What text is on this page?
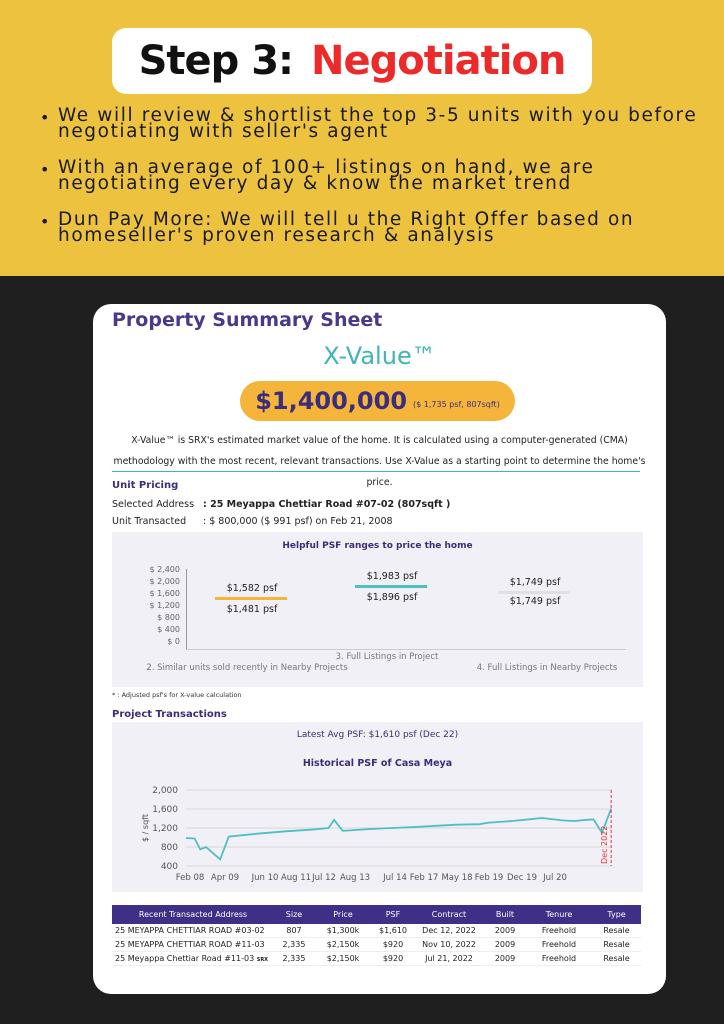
Step 3: Negotiation
• We will review & shortlist the top 3-5 units with you before negotiating with seller's agent
• With an average of 100+ listings on hand, we are negotiating every day & know the market trend
• Dun Pay More: We will tell u the Right Offer based on homeseller's proven research & analysis
Property Summary Sheet
X-Value™
$1,400,000 ($ 1,735 psf, 807sqft)
X-Value™ is SRX's estimated market value of the home. It is calculated using a computer-generated (CMA) methodology with the most recent, relevant transactions. Use X-Value as a starting point to determine the home's price.
Unit Pricing
Selected Address : 25 Meyappa Chettiar Road #07-02 (807sqft )
Unit Transacted : $ 800,000 ($ 991 psf) on Feb 21, 2008
Helpful PSF ranges to price the home
$ 2,400
$ 2,000
$ 1,600
$ 1,200
$ 800
$ 400
$ 0
$1,582 psf
$1,481 psf
$1,983 psf
$1,896 psf
$1,749 psf
$1,749 psf
3. Full Listings in Project
2. Similar units sold recently in Nearby Projects	4. Full Listings in Nearby Projects
* : Adjusted psf's for X-value calculation
Project Transactions
Latest Avg PSF: $1,610 psf (Dec 22)
Historical PSF of Casa Meya
2,000
1,600
1,200
800
400
$ / sqft
Feb 08 Apr 09 Jun 10 Aug 11 Jul 12 Aug 13 Jul 14 Feb 17 May 18 Feb 19 Dec 19 Jul 20
Dec 2022
Recent Transacted Address	Size	Price	PSF	Contract	Built	Tenure	Type
25 MEYAPPA CHETTIAR ROAD #03-02	807	$1,300k	$1,610	Dec 12, 2022	2009	Freehold	Resale
25 MEYAPPA CHETTIAR ROAD #11-03	2,335	$2,150k	$920	Nov 10, 2022	2009	Freehold	Resale
25 Meyappa Chettiar Road #11-03 SRX	2,335	$2,150k	$920	Jul 21, 2022	2009	Freehold	Resale
